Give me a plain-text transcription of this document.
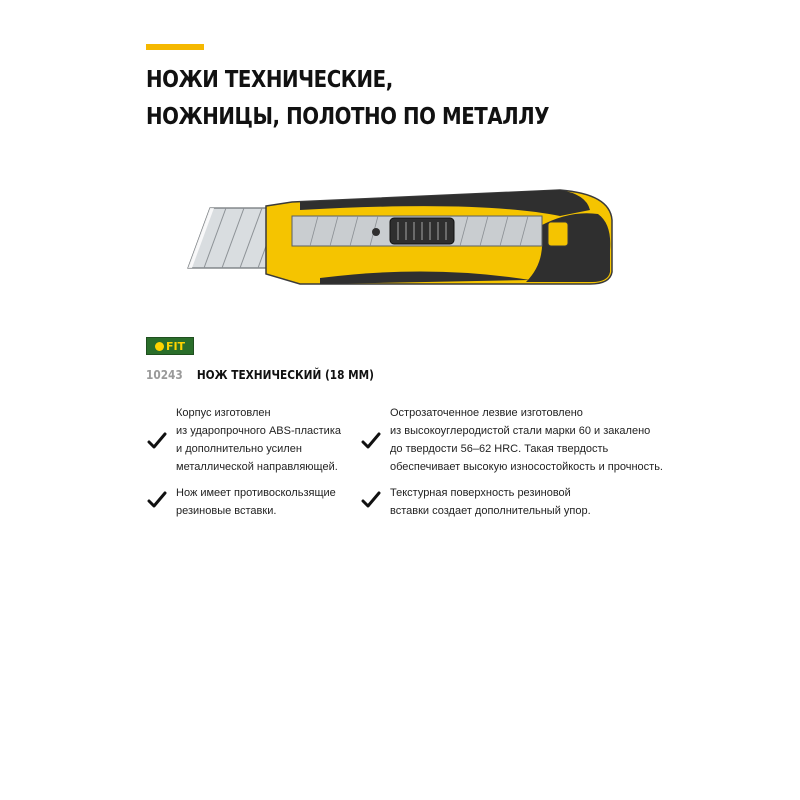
НОЖИ ТЕХНИЧЕСКИЕ,
НОЖНИЦЫ, ПОЛОТНО ПО МЕТАЛЛУ
FIT
10243 НОЖ ТЕХНИЧЕСКИЙ (18 ММ)
Корпус изготовлен
из ударопрочного ABS-пластика
и дополнительно усилен
металлической направляющей.
Нож имеет противоскользящие
резиновые вставки.
Острозаточенное лезвие изготовлено
из высокоуглеродистой стали марки 60 и закалено
до твердости 56–62 HRC. Такая твердость
обеспечивает высокую износостойкость и прочность.
Текстурная поверхность резиновой
вставки создает дополнительный упор.
